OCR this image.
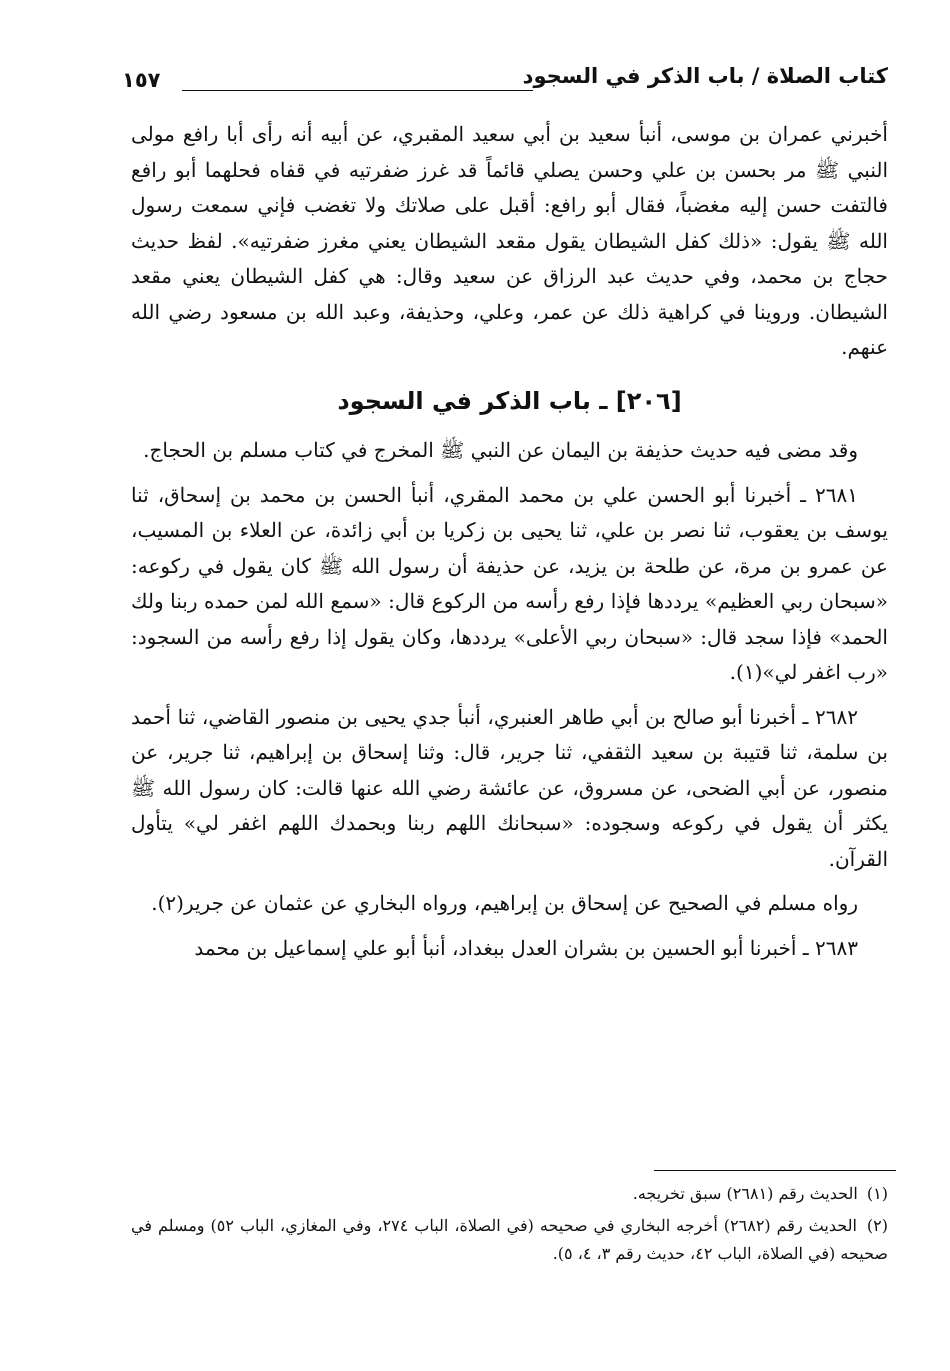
كتاب الصلاة / باب الذكر في السجود
١٥٧

أخبرني عمران بن موسى، أنبأ سعيد بن أبي سعيد المقبري، عن أبيه أنه رأى أبا رافع مولى النبي ﷺ مر بحسن بن علي وحسن يصلي قائماً قد غرز ضفرتيه في قفاه فحلهما أبو رافع فالتفت حسن إليه مغضباً، فقال أبو رافع: أقبل على صلاتك ولا تغضب فإني سمعت رسول الله ﷺ يقول: «ذلك كفل الشيطان يقول مقعد الشيطان يعني مغرز ضفرتيه». لفظ حديث حجاج بن محمد، وفي حديث عبد الرزاق عن سعيد وقال: هي كفل الشيطان يعني مقعد الشيطان. وروينا في كراهية ذلك عن عمر، وعلي، وحذيفة، وعبد الله بن مسعود رضي الله عنهم.

[٢٠٦] ـ باب الذكر في السجود

وقد مضى فيه حديث حذيفة بن اليمان عن النبي ﷺ المخرج في كتاب مسلم بن الحجاج.

٢٦٨١ ـ أخبرنا أبو الحسن علي بن محمد المقري، أنبأ الحسن بن محمد بن إسحاق، ثنا يوسف بن يعقوب، ثنا نصر بن علي، ثنا يحيى بن زكريا بن أبي زائدة، عن العلاء بن المسيب، عن عمرو بن مرة، عن طلحة بن يزيد، عن حذيفة أن رسول الله ﷺ كان يقول في ركوعه: «سبحان ربي العظيم» يرددها فإذا رفع رأسه من الركوع قال: «سمع الله لمن حمده ربنا ولك الحمد» فإذا سجد قال: «سبحان ربي الأعلى» يرددها، وكان يقول إذا رفع رأسه من السجود: «رب اغفر لي»(١).

٢٦٨٢ ـ أخبرنا أبو صالح بن أبي طاهر العنبري، أنبأ جدي يحيى بن منصور القاضي، ثنا أحمد بن سلمة، ثنا قتيبة بن سعيد الثقفي، ثنا جرير، قال: وثنا إسحاق بن إبراهيم، ثنا جرير، عن منصور، عن أبي الضحى، عن مسروق، عن عائشة رضي الله عنها قالت: كان رسول الله ﷺ يكثر أن يقول في ركوعه وسجوده: «سبحانك اللهم ربنا وبحمدك اللهم اغفر لي» يتأول القرآن.

رواه مسلم في الصحيح عن إسحاق بن إبراهيم، ورواه البخاري عن عثمان عن جرير(٢).

٢٦٨٣ ـ أخبرنا أبو الحسين بن بشران العدل ببغداد، أنبأ أبو علي إسماعيل بن محمد

(١) الحديث رقم (٢٦٨١) سبق تخريجه.

(٢) الحديث رقم (٢٦٨٢) أخرجه البخاري في صحيحه (في الصلاة، الباب ٢٧٤، وفي المغازي، الباب ٥٢) ومسلم في صحيحه (في الصلاة، الباب ٤٢، حديث رقم ٣، ٤، ٥).
